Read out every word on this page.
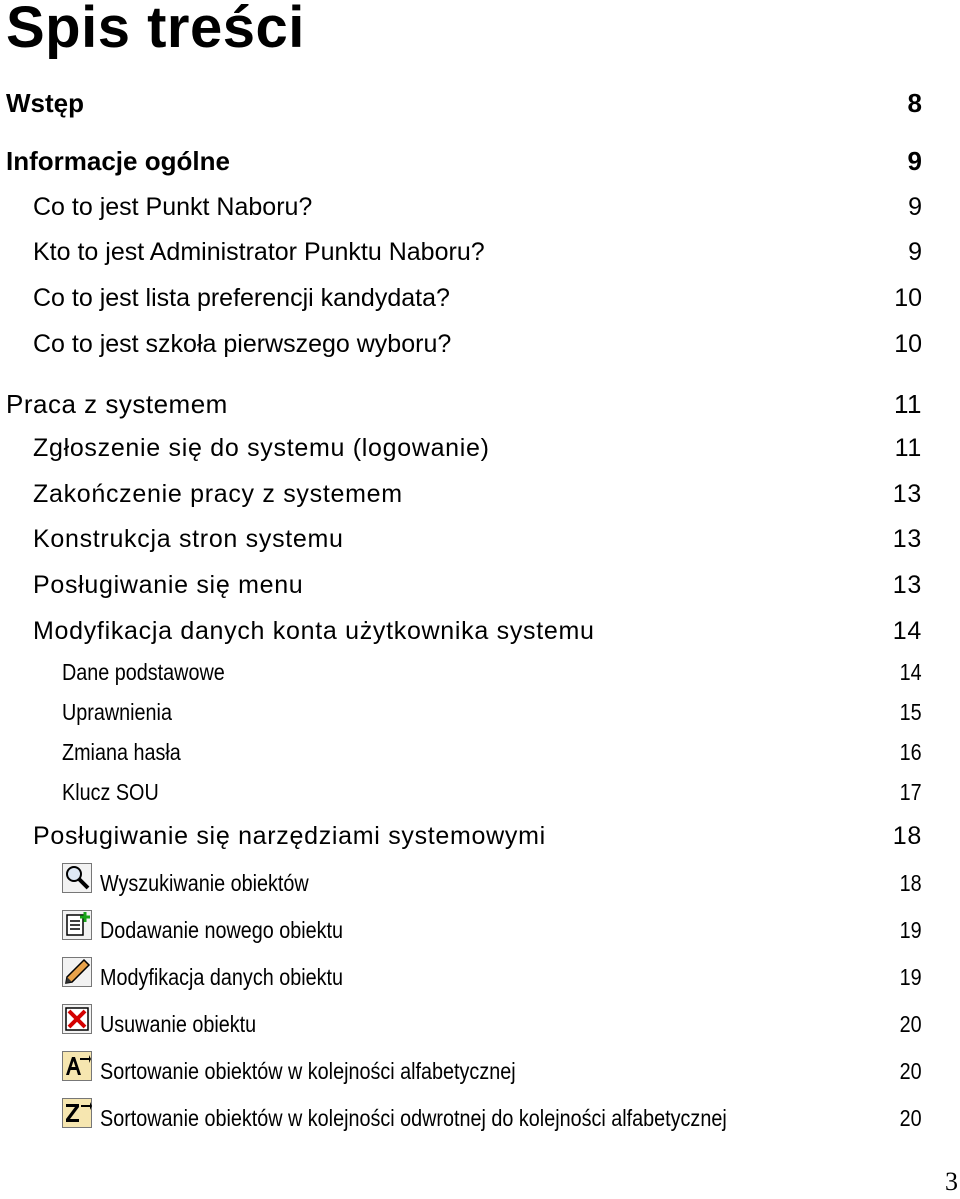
Spis treści
Wstęp	8
Informacje ogólne	9
Co to jest Punkt Naboru?	9
Kto to jest Administrator Punktu Naboru?	9
Co to jest lista preferencji kandydata?	10
Co to jest szkoła pierwszego wyboru?	10
Praca z systemem	11
Zgłoszenie się do systemu (logowanie)	11
Zakończenie pracy z systemem	13
Konstrukcja stron systemu	13
Posługiwanie się menu	13
Modyfikacja danych konta użytkownika systemu	14
Dane podstawowe	14
Uprawnienia	15
Zmiana hasła	16
Klucz SOU	17
Posługiwanie się narzędziami systemowymi	18
Wyszukiwanie obiektów	18
Dodawanie nowego obiektu	19
Modyfikacja danych obiektu	19
Usuwanie obiektu	20
Sortowanie obiektów w kolejności alfabetycznej	20
Sortowanie obiektów w kolejności odwrotnej do kolejności alfabetycznej	20
3
